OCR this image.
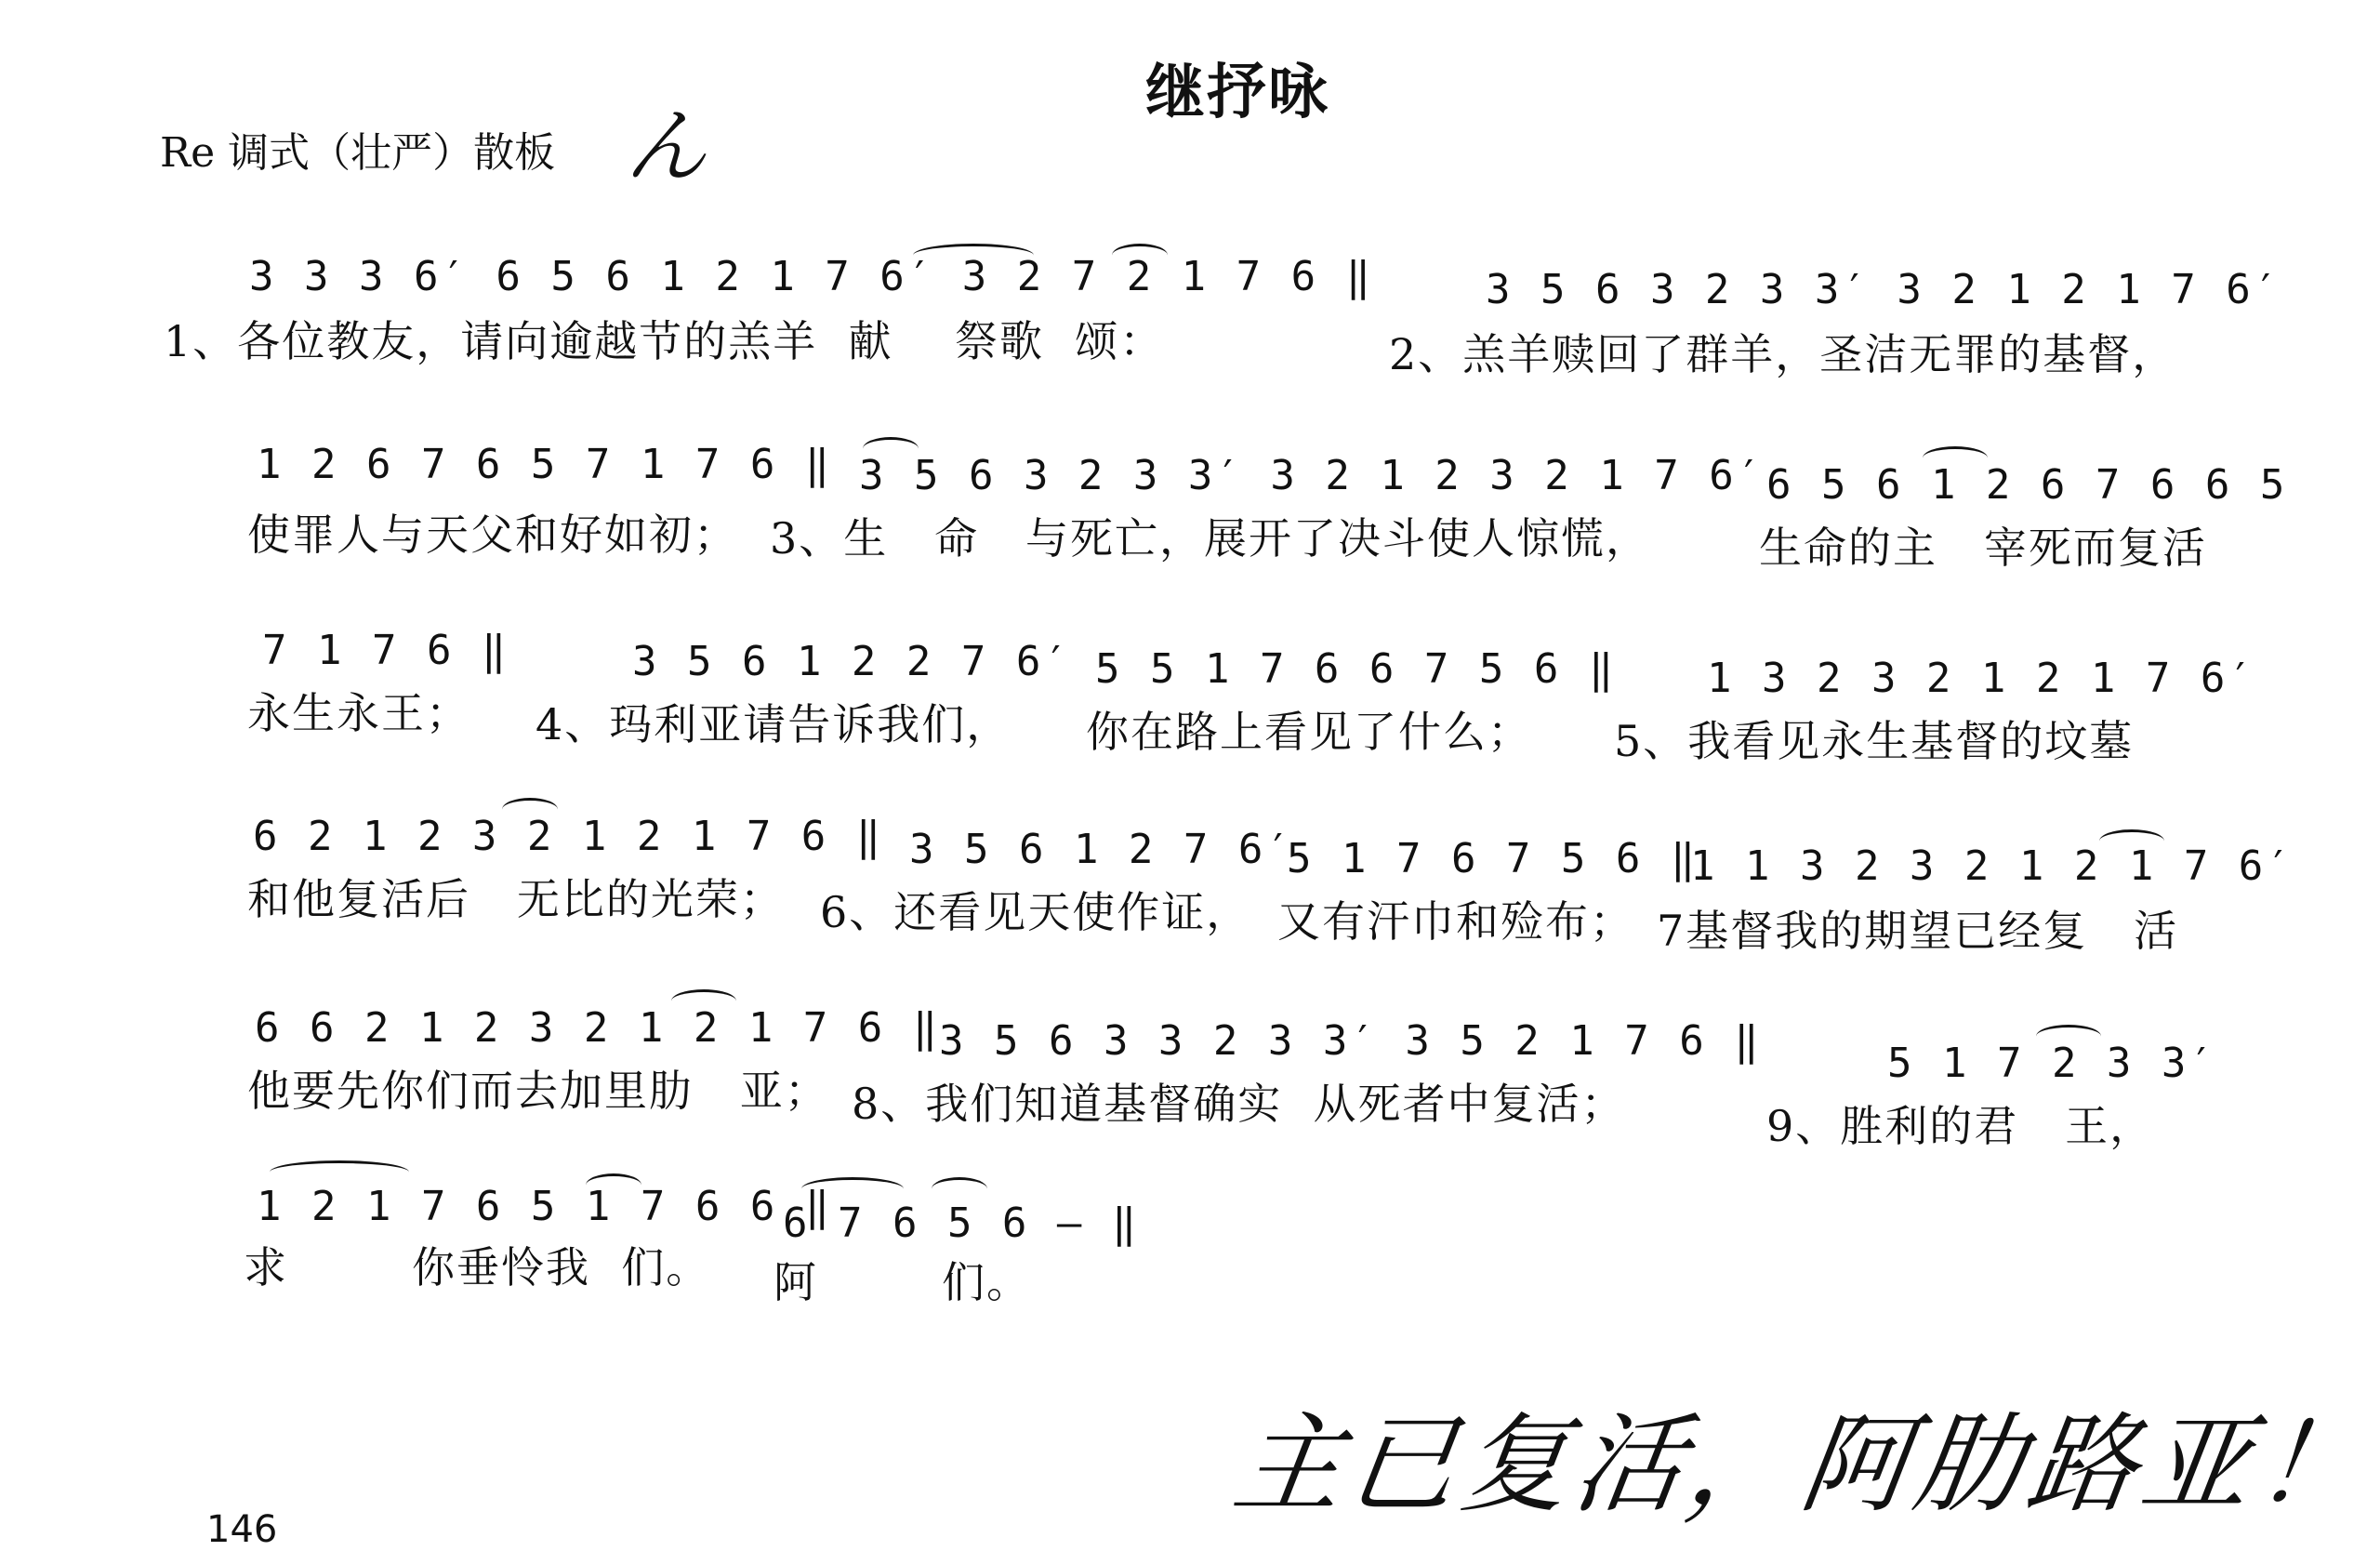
继抒咏
Re 调式（壮严）散板 ん
3 3 3 6′ 6 5 6 1 2 1 7 6′ 3 2 7 2 1 7 6 ‖
1、各位教友，请向逾越节的羔羊  献    祭歌  颂：
3 5 6 3 2 3 3′ 3 2 1 2 1 7 6′
2、羔羊赎回了群羊，圣洁无罪的基督，
1 2 6 7 6 5 7 1 7 6 ‖
使罪人与天父和好如初；
3 5 6 3 2 3 3′ 3 2 1 2 3 2 1 7 6′
3、生   命   与死亡，展开了决斗使人惊慌，
6 5 6 1 2 6 7 6 6 5
生命的主   宰死而复活
7 1 7 6 ‖
永生永王；
3 5 6 1 2 2 7 6′
4、玛利亚请告诉我们，
5 5 1 7 6 6 7 5 6 ‖
你在路上看见了什么；
1 3 2 3 2 1 2 1 7 6′
5、我看见永生基督的坟墓
6 2 1 2 3 2 1 2 1 7 6 ‖
和他复活后   无比的光荣；
3 5 6 1 2 7 6′
6、还看见天使作证，
5 1 7 6 7 5 6 ‖
又有汗巾和殓布；
1 1 3 2 3 2 1 2 1 7 6′
7基督我的期望已经复   活
6 6 2 1 2 3 2 1 2 1 7 6 ‖
他要先你们而去加里肋   亚；
3 5 6 3 3 2 3 3′ 3 5 2 1 7 6 ‖
8、我们知道基督确实  从死者中复活；
5 1 7 2 3 3′
9、胜利的君   王，
1 2 1 7 6 5 1 7 6 6 ‖
求        你垂怜我  们。
6 7 6 5 6 — ‖
阿        们。
主已复活，阿肋路亚！
146
